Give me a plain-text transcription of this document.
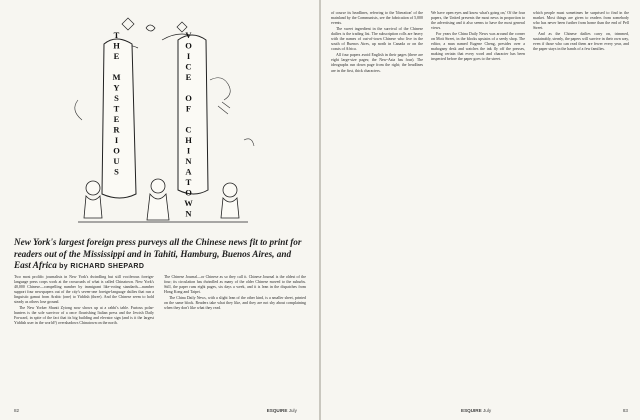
THE MYSTERIOUS	VOICE OF CHINATOWN

New York's largest foreign press purveys all the Chinese news fit to print for readers out of the Mississippi and in Tahiti, Hamburg, Buenos Aires, and East Africa by RICHARD SHEPARD

Two most prolific journalists in New York's dwindling but still vociferous foreign-language press corps work at the crossroads of what is called Chinatown. New York's 40,000 Chinese—compelling number by immigrant like-voting standards—number support four newspapers out of the city's seven-one foreign-language dailies that run a linguistic gamut from Arabic (one) to Yiddish (three). And the Chinese seem to hold steady as others lose ground.

The New Yorker Shanti Zyiong now shows up at a rabbi's table. Furious polar-hunters is the sole survivor of a once flourishing Italian press and the Jewish Daily Forward, in spite of the fact that its big building and elevator sign (and is it the largest Yiddish user in the world?) overshadows Chinatown on the north.

The Chinese Journal—or Chinese as so they call it. Chinese Journal is the oldest of the four; its circulation has dwindled as many of the older Chinese moved to the suburbs. Still, the paper runs eight pages, six days a week, and it is lean in the dispatches from Hong Kong and Taipei.

The China Daily News, with a slight lean of the other kind, is a smaller sheet, printed on the same block. Readers take what they like, and they are not shy about complaining when they don't like what they read.

82	ESQUIRE July

of course its headlines, referring to the 'liberation' of the mainland by the Communists, see the fabrication of 5,000 events.

The sweet ingredient in the survival of the Chinese dailies is the trading list. The subscription rolls are heavy with the names of out-of-town Chinese who live in the south of Buenos Aires, up north in Canada or on the coasts of Africa.

All four papers avoid English in their pages (there are eight large-size pages; the New-Asia has four). The ideographs run down page from the right; the headlines are in the first, thick characters.

We have open eyes and know what's going on,' Of the four papers, the United presents the most news in proportion to the advertising and it also seems to have the most general views.

For years the China Daily News was around the corner on Mott Street, in the blocks upstairs of a seedy shop. The editor, a man named Eugene Cheng, presides over a mahogany desk and watches the ink fly off the presses, making certain that every word and character has been inspected before the paper goes to the street.

which people must sometimes be surprised to find in the market. Most things are given to readers from somebody who has never been further from home than the end of Pell Street.

And as the Chinese dailies carry on, trimmed, sustainably, sternly, the papers will survive in their own way, even if those who can read them are fewer every year, and the paper stays in the hands of a few families.

ESQUIRE July	83
